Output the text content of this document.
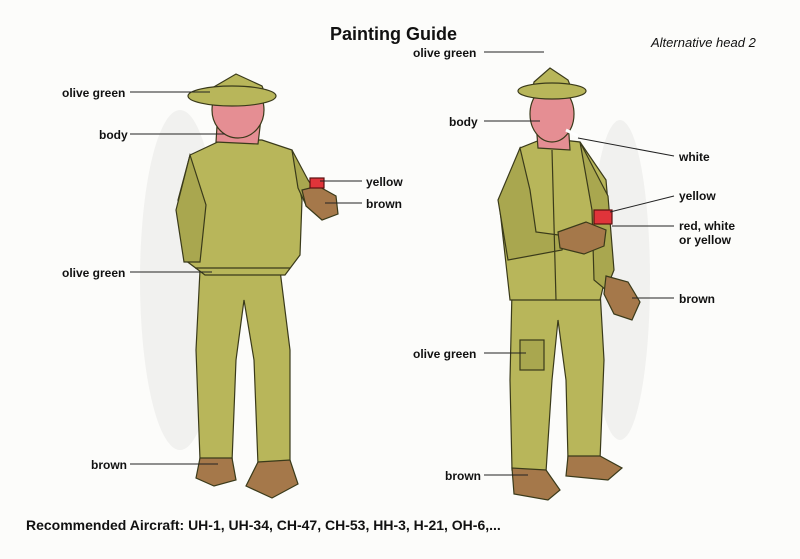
Painting Guide	Alternative head 2
olive green
body
yellow
brown
olive green
brown
olive green
body
white
yellow
red, white
or yellow
brown
olive green
brown
Recommended Aircraft: UH-1, UH-34, CH-47, CH-53, HH-3, H-21, OH-6,...
